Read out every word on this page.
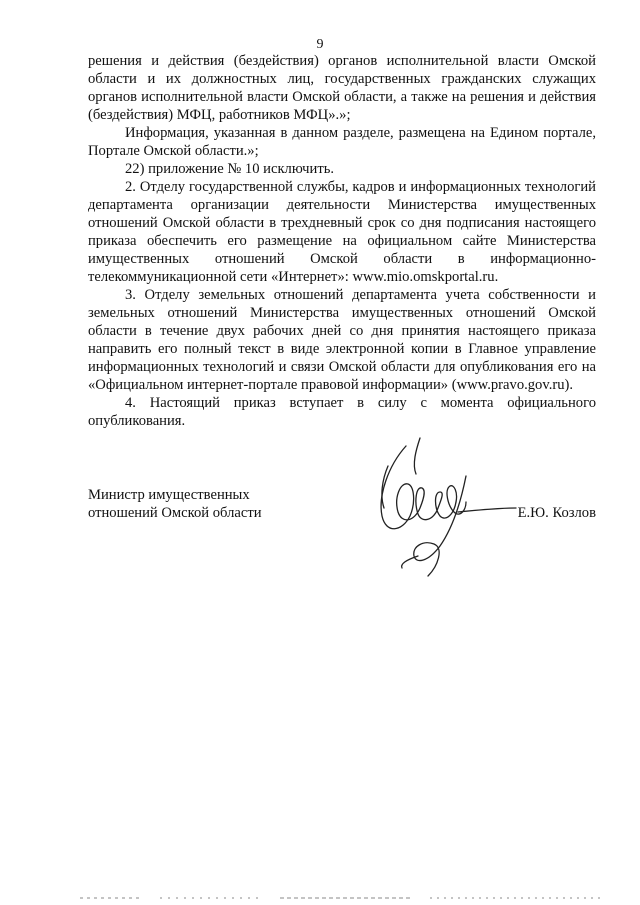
9

решения и действия (бездействия) органов исполнительной власти Омской области и их должностных лиц, государственных гражданских служащих органов исполнительной власти Омской области, а также на решения и действия (бездействия) МФЦ, работников МФЦ».»;

Информация, указанная в данном разделе, размещена на Едином портале, Портале Омской области.»;

22) приложение № 10 исключить.

2. Отделу государственной службы, кадров и информационных технологий департамента организации деятельности Министерства имущественных отношений Омской области в трехдневный срок со дня подписания настоящего приказа обеспечить его размещение на официальном сайте Министерства имущественных отношений Омской области в информационно-телекоммуникационной сети «Интернет»: www.mio.omskportal.ru.

3. Отделу земельных отношений департамента учета собственности и земельных отношений Министерства имущественных отношений Омской области в течение двух рабочих дней со дня принятия настоящего приказа направить его полный текст в виде электронной копии в Главное управление информационных технологий и связи Омской области для опубликования его на «Официальном интернет-портале правовой информации» (www.pravo.gov.ru).

4. Настоящий приказ вступает в силу с момента официального опубликования.

Министр имущественных

отношений Омской области	Е.Ю. Козлов
